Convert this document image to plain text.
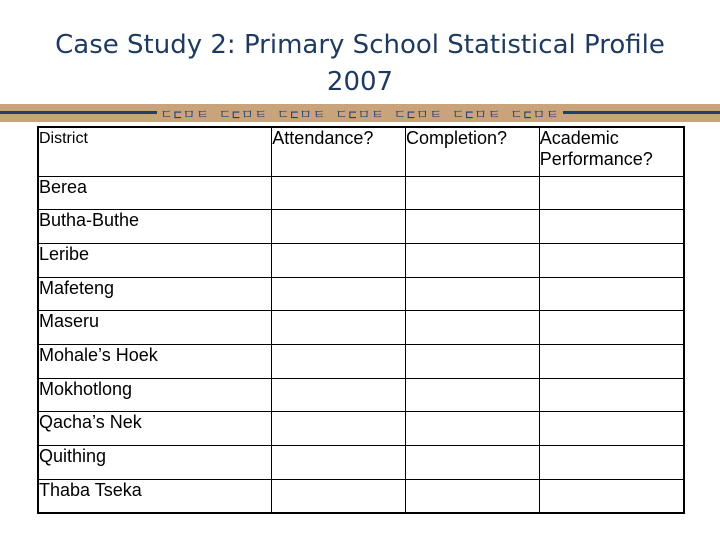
Case Study 2: Primary School Statistical Profile
2007
ㄷ⊏ㅁㅌ ㄷ⊏ㅁㅌ ㄷ⊏ㅁㅌ ㄷ⊏ㅁㅌ ㄷ⊏ㅁㅌ ㄷ⊏ㅁㅌ ㄷ⊏ㅁㅌ
District	Attendance?	Completion?	Academic Performance?
Berea			
Butha-Buthe			
Leribe			
Mafeteng			
Maseru			
Mohale’s Hoek			
Mokhotlong			
Qacha’s Nek			
Quithing			
Thaba Tseka			
